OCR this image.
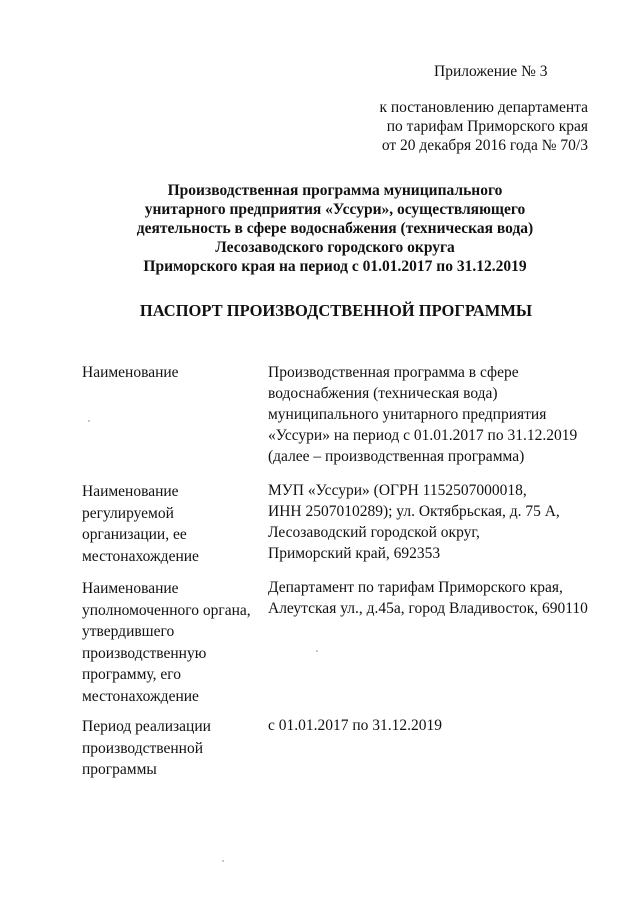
Приложение № 3
к постановлению департамента
по тарифам Приморского края
от 20 декабря 2016 года № 70/3
Производственная программа муниципального
унитарного предприятия «Уссури», осуществляющего
деятельность в сфере водоснабжения (техническая вода)
Лесозаводского городского округа
Приморского края на период с 01.01.2017 по 31.12.2019
ПАСПОРТ ПРОИЗВОДСТВЕННОЙ ПРОГРАММЫ
Наименование	Производственная программа в сфере
водоснабжения (техническая вода)
муниципального унитарного предприятия
«Уссури» на период с 01.01.2017 по 31.12.2019
(далее – производственная программа)
Наименование
регулируемой
организации, ее
местонахождение
МУП «Уссури» (ОГРН 1152507000018,
ИНН 2507010289); ул. Октябрьская, д. 75 А,
Лесозаводский городской округ,
Приморский край, 692353
Наименование
уполномоченного органа,
утвердившего
производственную
программу, его
местонахождение
Департамент по тарифам Приморского края,
Алеутская ул., д.45а, город Владивосток, 690110
Период реализации
производственной
программы
с 01.01.2017 по 31.12.2019
